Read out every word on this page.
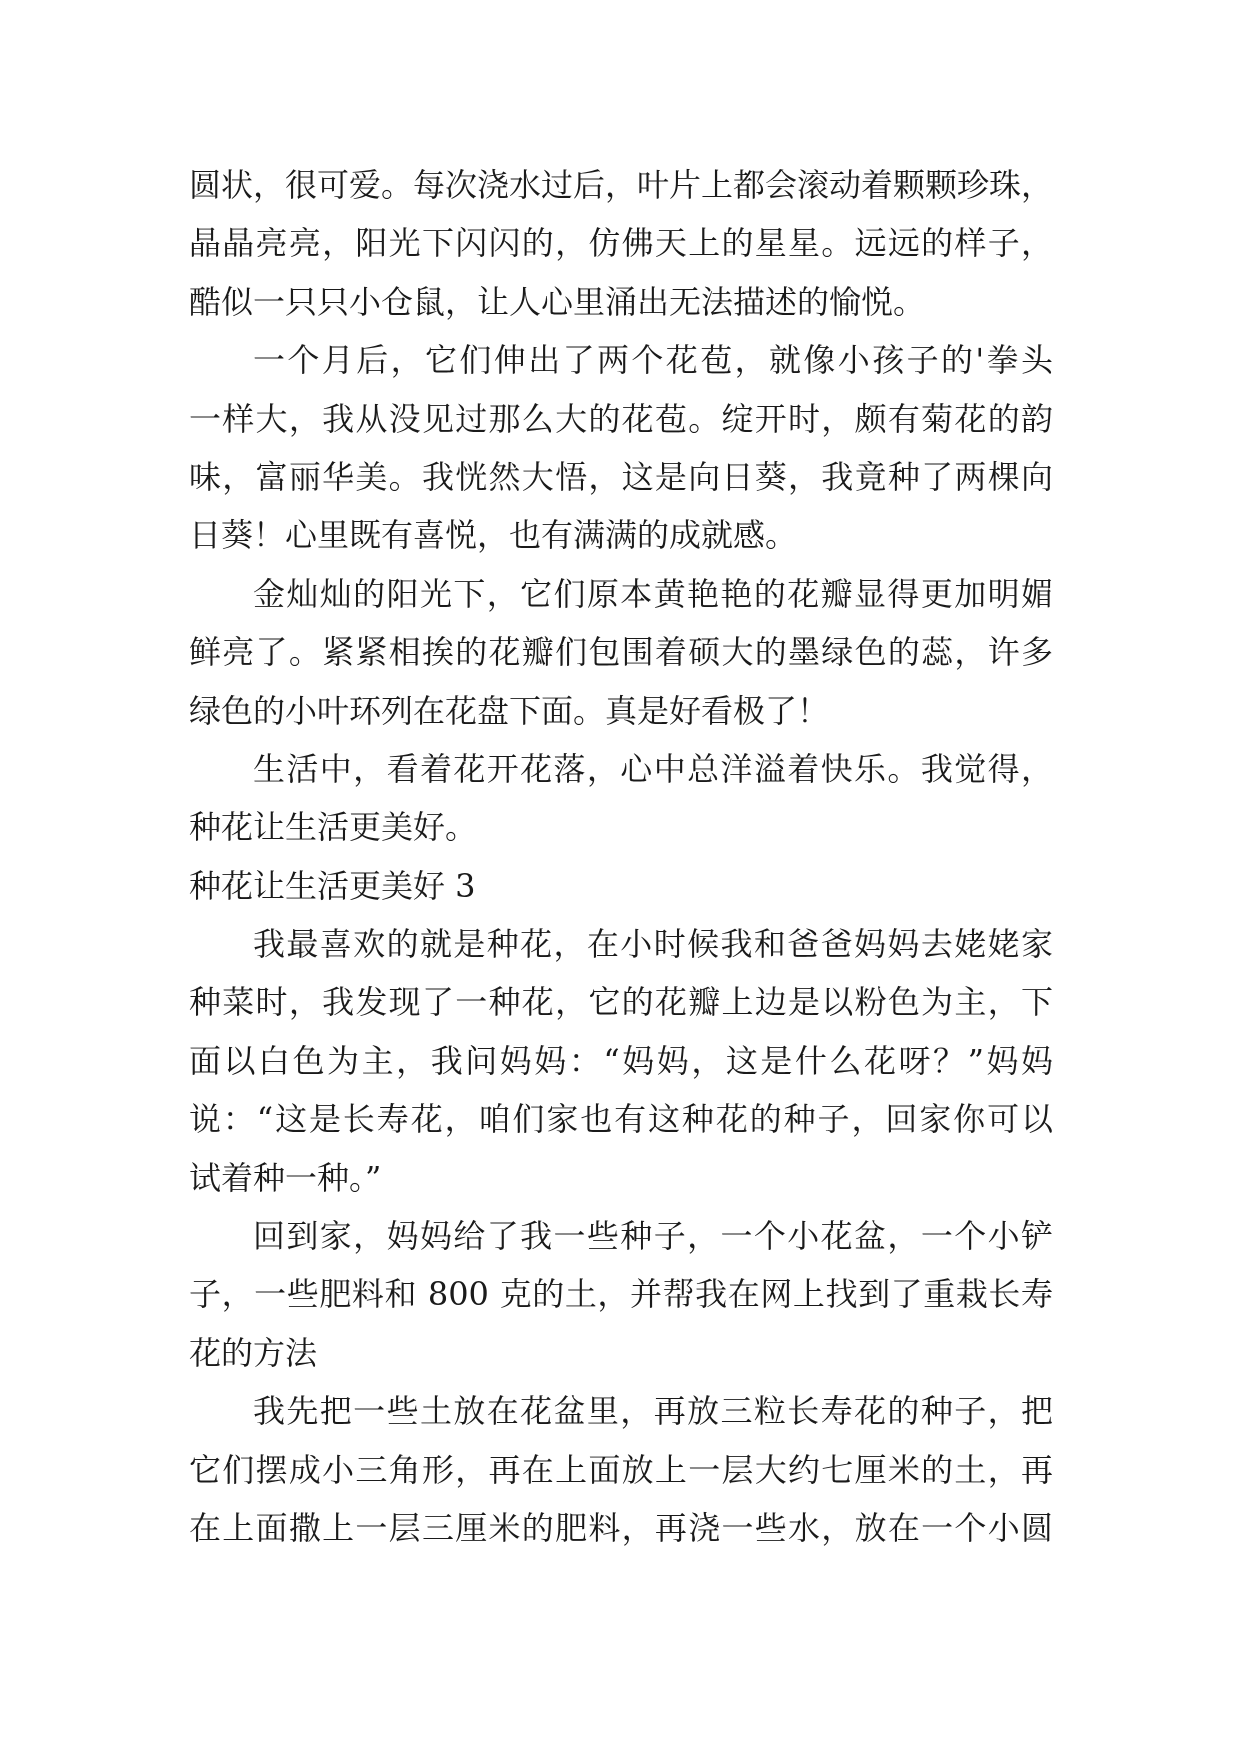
圆状，很可爱。每次浇水过后，叶片上都会滚动着颗颗珍珠，
晶晶亮亮，阳光下闪闪的，仿佛天上的星星。远远的样子，
酷似一只只小仓鼠，让人心里涌出无法描述的愉悦。

一个月后，它们伸出了两个花苞，就像小孩子的'拳头
一样大，我从没见过那么大的花苞。绽开时，颇有菊花的韵
味，富丽华美。我恍然大悟，这是向日葵，我竟种了两棵向
日葵！心里既有喜悦，也有满满的成就感。

金灿灿的阳光下，它们原本黄艳艳的花瓣显得更加明媚
鲜亮了。紧紧相挨的花瓣们包围着硕大的墨绿色的蕊，许多
绿色的小叶环列在花盘下面。真是好看极了！

生活中，看着花开花落，心中总洋溢着快乐。我觉得，
种花让生活更美好。

种花让生活更美好 3

我最喜欢的就是种花，在小时候我和爸爸妈妈去姥姥家
种菜时，我发现了一种花，它的花瓣上边是以粉色为主，下
面以白色为主，我问妈妈：“妈妈，这是什么花呀？”妈妈
说：“这是长寿花，咱们家也有这种花的种子，回家你可以
试着种一种。”

回到家，妈妈给了我一些种子，一个小花盆，一个小铲
子，一些肥料和 800 克的土，并帮我在网上找到了重栽长寿
花的方法

我先把一些土放在花盆里，再放三粒长寿花的种子，把
它们摆成小三角形，再在上面放上一层大约七厘米的土，再
在上面撒上一层三厘米的肥料，再浇一些水，放在一个小圆
